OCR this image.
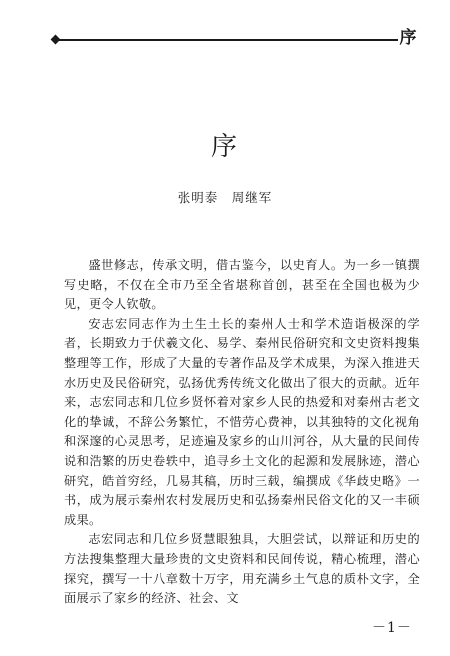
序
序
张明泰　周继军

盛世修志，传承文明，借古鉴今，以史育人。为一乡一镇撰写史略，不仅在全市乃至全省堪称首创，甚至在全国也极为少见，更令人钦敬。

安志宏同志作为土生土长的秦州人士和学术造诣极深的学者，长期致力于伏羲文化、易学、秦州民俗研究和文史资料搜集整理等工作，形成了大量的专著作品及学术成果，为深入推进天水历史及民俗研究，弘扬优秀传统文化做出了很大的贡献。近年来，志宏同志和几位乡贤怀着对家乡人民的热爱和对秦州古老文化的挚诚，不辞公务繁忙，不惜劳心费神，以其独特的文化视角和深邃的心灵思考，足迹遍及家乡的山川河谷，从大量的民间传说和浩繁的历史卷轶中，追寻乡土文化的起源和发展脉迹，潜心研究，皓首穷经，几易其稿，历时三载，编撰成《华歧史略》一书，成为展示秦州农村发展历史和弘扬秦州民俗文化的又一丰硕成果。

志宏同志和几位乡贤慧眼独具，大胆尝试，以辩证和历史的方法搜集整理大量珍贵的文史资料和民间传说，精心梳理，潜心探究，撰写一十八章数十万字，用充满乡土气息的质朴文字，全面展示了家乡的经济、社会、文

－1－
